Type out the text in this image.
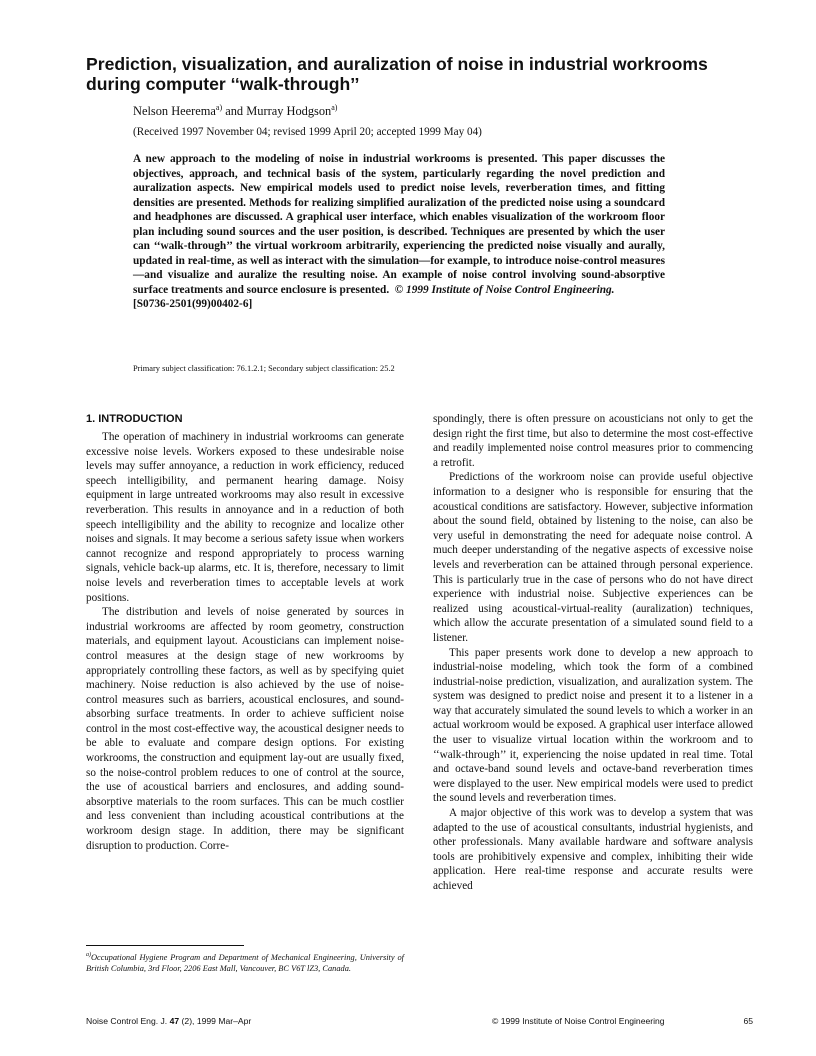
Prediction, visualization, and auralization of noise in industrial workrooms during computer ‘‘walk-through’’
Nelson Heerema$^{a)}$ and Murray Hodgson$^{a)}$
(Received 1997 November 04; revised 1999 April 20; accepted 1999 May 04)
A new approach to the modeling of noise in industrial workrooms is presented. This paper discusses the objectives, approach, and technical basis of the system, particularly regarding the novel prediction and auralization aspects. New empirical models used to predict noise levels, reverberation times, and fitting densities are presented. Methods for realizing simplified auralization of the predicted noise using a soundcard and headphones are discussed. A graphical user interface, which enables visualization of the workroom floor plan including sound sources and the user position, is described. Techniques are presented by which the user can ‘‘walk-through’’ the virtual workroom arbitrarily, experiencing the predicted noise visually and aurally, updated in real-time, as well as interact with the simulation—for example, to introduce noise-control measures—and visualize and auralize the resulting noise. An example of noise control involving sound-absorptive surface treatments and source enclosure is presented. © 1999 Institute of Noise Control Engineering.
[S0736-2501(99)00402-6]
Primary subject classification: 76.1.2.1; Secondary subject classification: 25.2
1. INTRODUCTION

The operation of machinery in industrial workrooms can generate excessive noise levels. Workers exposed to these undesirable noise levels may suffer annoyance, a reduction in work efficiency, reduced speech intelligibility, and permanent hearing damage. Noisy equipment in large untreated workrooms may also result in excessive reverberation. This results in annoyance and in a reduction of both speech intelligibility and the ability to recognize and localize other noises and signals. It may become a serious safety issue when workers cannot recognize and respond appropriately to process warning signals, vehicle back-up alarms, etc. It is, therefore, necessary to limit noise levels and reverberation times to acceptable levels at work positions.

The distribution and levels of noise generated by sources in industrial workrooms are affected by room geometry, construction materials, and equipment layout. Acousticians can implement noise-control measures at the design stage of new workrooms by appropriately controlling these factors, as well as by specifying quiet machinery. Noise reduction is also achieved by the use of noise-control measures such as barriers, acoustical enclosures, and sound-absorbing surface treatments. In order to achieve sufficient noise control in the most cost-effective way, the acoustical designer needs to be able to evaluate and compare design options. For existing workrooms, the construction and equipment lay-out are usually fixed, so the noise-control problem reduces to one of control at the source, the use of acoustical barriers and enclosures, and adding sound-absorptive materials to the room surfaces. This can be much costlier and less convenient than including acoustical contributions at the workroom design stage. In addition, there may be significant disruption to production. Corre-

spondingly, there is often pressure on acousticians not only to get the design right the first time, but also to determine the most cost-effective and readily implemented noise control measures prior to commencing a retrofit.

Predictions of the workroom noise can provide useful objective information to a designer who is responsible for ensuring that the acoustical conditions are satisfactory. However, subjective information about the sound field, obtained by listening to the noise, can also be very useful in demonstrating the need for adequate noise control. A much deeper understanding of the negative aspects of excessive noise levels and reverberation can be attained through personal experience. This is particularly true in the case of persons who do not have direct experience with industrial noise. Subjective experiences can be realized using acoustical-virtual-reality (auralization) techniques, which allow the accurate presentation of a simulated sound field to a listener.

This paper presents work done to develop a new approach to industrial-noise modeling, which took the form of a combined industrial-noise prediction, visualization, and auralization system. The system was designed to predict noise and present it to a listener in a way that accurately simulated the sound levels to which a worker in an actual workroom would be exposed. A graphical user interface allowed the user to visualize virtual location within the workroom and to ‘‘walk-through’’ it, experiencing the noise updated in real time. Total and octave-band sound levels and octave-band reverberation times were displayed to the user. New empirical models were used to predict the sound levels and reverberation times.

A major objective of this work was to develop a system that was adapted to the use of acoustical consultants, industrial hygienists, and other professionals. Many available hardware and software analysis tools are prohibitively expensive and complex, inhibiting their wide application. Here real-time response and accurate results were achieved

$^{a)}$Occupational Hygiene Program and Department of Mechanical Engineering, University of British Columbia, 3rd Floor, 2206 East Mall, Vancouver, BC V6T lZ3, Canada.
Noise Control Eng. J. 47 (2), 1999 Mar–Apr	© 1999 Institute of Noise Control Engineering	65
